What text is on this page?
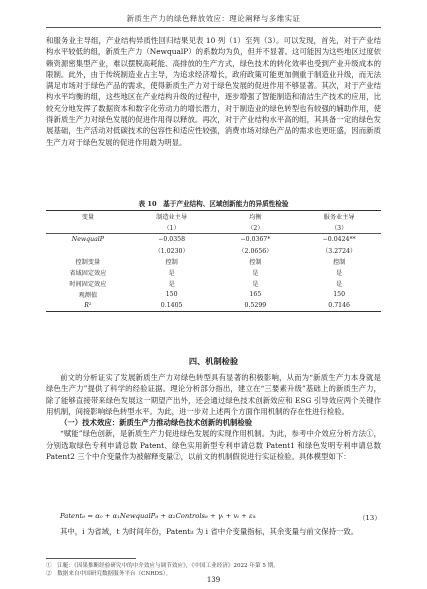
新质生产力的绿色释放效应：理论阐释与多维实证

和服务业主导组，产业结构异质性回归结果见表 10 列（1）至列（3）。可以发现，首先，对于产业结构水平较低的组，新质生产力（NewqualP）的系数均为负，但并不显著。这可能因为这些地区过度依赖资源密集型产业，难以摆脱高耗能、高排放的生产方式，绿色技术的转化效率也受到产业升级成本的限制。此外，由于传统制造业占主导，为追求经济增长，政府政策可能更加侧重于制造业升级，而无法满足市场对于绿色产品的需求，使得新质生产力对于绿色发展的促进作用不够显著。其次，对于产业结构水平均衡的组，这些地区在产业结构升级的过程中，逐步增强了智能制造和清洁生产技术的应用，比较充分地发挥了数据资本和数字化劳动力的增长潜力，对于制造业的绿色转型也有较强的辅助作用，使得新质生产力对绿色发展的促进作用得以释放。再次，对于产业结构水平高的组，其具备一定的绿色发展基础，生产活动对低碳技术的包容性和适应性较强，消费市场对绿色产品的需求也更旺盛，因而新质生产力对于绿色发展的促进作用最为明显。

表 10　基于产业结构、区域创新能力的异质性检验
变量	制造业主导	均衡	服务业主导
	（1）	（2）	（3）
NewqualP	−0.0358	−0.0367*	−0.0424**
	（1.0230）	（2.0656）	（3.2724）
控制变量	控制	控制	控制
省域固定效应	是	是	是
时间固定效应	是	是	是
观测值	150	165	150
R²	0.1405	0.5299	0.7146
四、机制检验

前文的分析证实了发展新质生产力对绿色转型具有显著的积极影响，从而为“新质生产力本身就是绿色生产力”提供了科学的经验证据。理论分析部分指出，建立在“三要素升级”基础上的新质生产力，除了能够直接带来绿色发展这一期望产出外，还会通过绿色技术创新效应和 ESG 引导效应两个关键作用机制，间接影响绿色转型水平。为此，进一步对上述两个方面作用机制的存在性进行检验。

（一）技术效应：新质生产力推动绿色技术创新的机制检验

“赋能”绿色创新，是新质生产力促进绿色发展的实现作用机制。为此，参考中介效应分析方法①，分别选取绿色专利申请总数 Patent、绿色实用新型专利申请总数 Patent1 和绿色发明专利申请总数 Patent2 三个中介变量作为被解释变量②，以前文的机制假说进行实证检验。具体模型如下：

Patentᵢₜ = α₀ + α₁NewqualPᵢₜ + α₂Controlsᵢₜ + γᵢ + vₜ + εᵢₜ	（13）

其中，i 为省域，t 为时间年份，Patentᵢₜ 为 i 省中介变量指标，其余变量与前文保持一致。

①　江艇：《因果推断经验研究中的中介效应与调节效应》，《中国工业经济》2022 年第 5 期。
②　数据来自中国研究数据服务平台（CNRDS）。
139
